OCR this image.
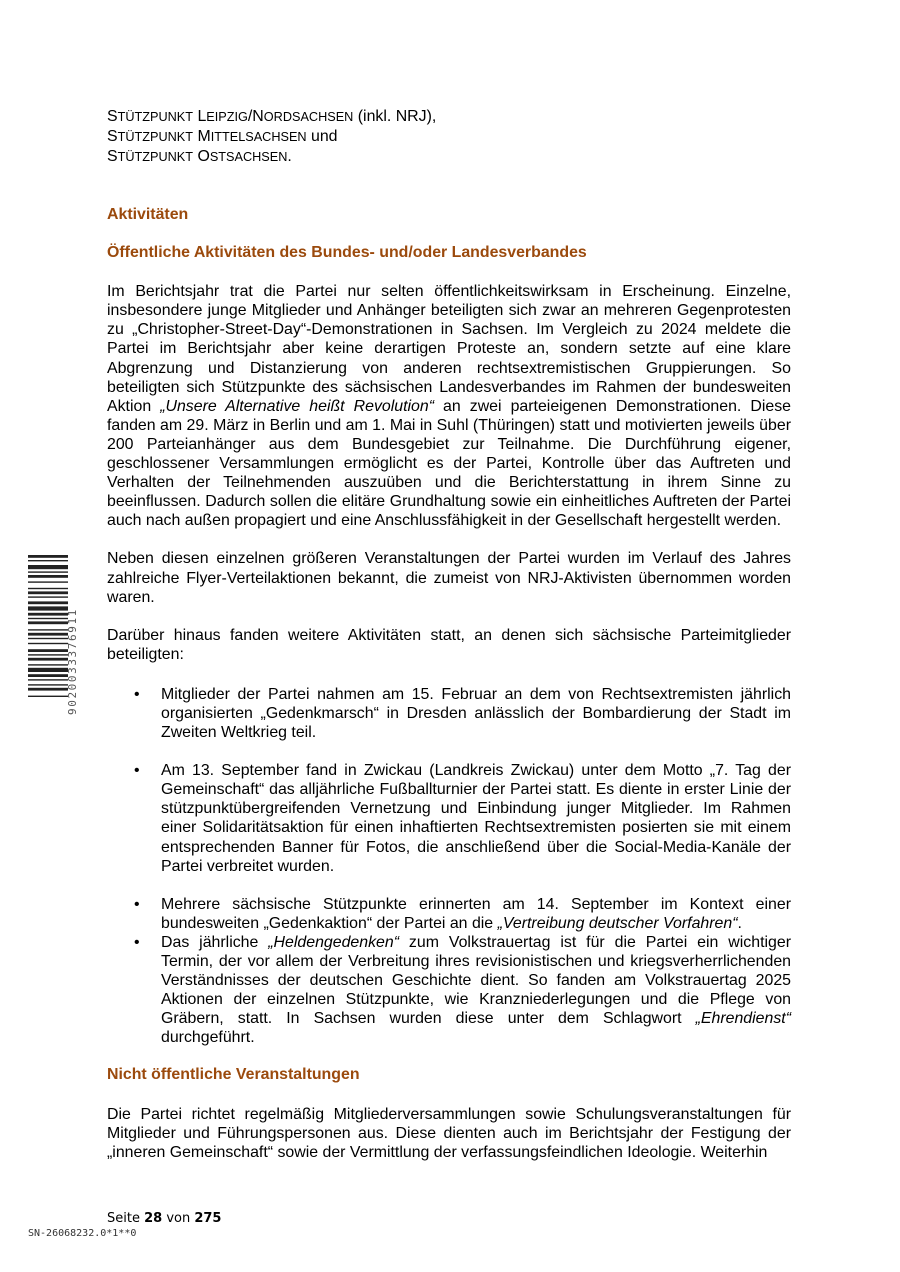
9020033376911

STÜTZPUNKT LEIPZIG/NORDSACHSEN (inkl. NRJ),

STÜTZPUNKT MITTELSACHSEN und

STÜTZPUNKT OSTSACHSEN.

Aktivitäten
Öffentliche Aktivitäten des Bundes- und/oder Landesverbandes

Im Berichtsjahr trat die Partei nur selten öffentlichkeitswirksam in Erscheinung. Einzelne, insbesondere junge Mitglieder und Anhänger beteiligten sich zwar an mehreren Gegenprotesten zu „Christopher-Street-Day“-Demonstrationen in Sachsen. Im Vergleich zu 2024 meldete die Partei im Berichtsjahr aber keine derartigen Proteste an, sondern setzte auf eine klare Abgrenzung und Distanzierung von anderen rechtsextremistischen Gruppierungen. So beteiligten sich Stützpunkte des sächsischen Landesverbandes im Rahmen der bundesweiten Aktion „Unsere Alternative heißt Revolution“ an zwei parteieigenen Demonstrationen. Diese fanden am 29. März in Berlin und am 1. Mai in Suhl (Thüringen) statt und motivierten jeweils über 200 Parteianhänger aus dem Bundesgebiet zur Teilnahme. Die Durchführung eigener, geschlossener Versammlungen ermöglicht es der Partei, Kontrolle über das Auftreten und Verhalten der Teilnehmenden auszuüben und die Berichterstattung in ihrem Sinne zu beeinflussen. Dadurch sollen die elitäre Grundhaltung sowie ein einheitliches Auftreten der Partei auch nach außen propagiert und eine Anschlussfähigkeit in der Gesellschaft hergestellt werden.

Neben diesen einzelnen größeren Veranstaltungen der Partei wurden im Verlauf des Jahres zahlreiche Flyer-Verteilaktionen bekannt, die zumeist von NRJ-Aktivisten übernommen worden waren.

Darüber hinaus fanden weitere Aktivitäten statt, an denen sich sächsische Parteimitglieder beteiligten:

• Mitglieder der Partei nahmen am 15. Februar an dem von Rechtsextremisten jährlich organisierten „Gedenkmarsch“ in Dresden anlässlich der Bombardierung der Stadt im Zweiten Weltkrieg teil.
• Am 13. September fand in Zwickau (Landkreis Zwickau) unter dem Motto „7. Tag der Gemeinschaft“ das alljährliche Fußballturnier der Partei statt. Es diente in erster Linie der stützpunktübergreifenden Vernetzung und Einbindung junger Mitglieder. Im Rahmen einer Solidaritätsaktion für einen inhaftierten Rechtsextremisten posierten sie mit einem entsprechenden Banner für Fotos, die anschließend über die Social-Media-Kanäle der Partei verbreitet wurden.
• Mehrere sächsische Stützpunkte erinnerten am 14. September im Kontext einer bundesweiten „Gedenkaktion“ der Partei an die „Vertreibung deutscher Vorfahren“.
• Das jährliche „Heldengedenken“ zum Volkstrauertag ist für die Partei ein wichtiger Termin, der vor allem der Verbreitung ihres revisionistischen und kriegsverherrlichenden Verständnisses der deutschen Geschichte dient. So fanden am Volkstrauertag 2025 Aktionen der einzelnen Stützpunkte, wie Kranzniederlegungen und die Pflege von Gräbern, statt. In Sachsen wurden diese unter dem Schlagwort „Ehrendienst“ durchgeführt.
Nicht öffentliche Veranstaltungen

Die Partei richtet regelmäßig Mitgliederversammlungen sowie Schulungsveranstaltungen für Mitglieder und Führungspersonen aus. Diese dienten auch im Berichtsjahr der Festigung der „inneren Gemeinschaft“ sowie der Vermittlung der verfassungsfeindlichen Ideologie. Weiterhin

Seite 28 von 275
SN-26068232.0*1**0
